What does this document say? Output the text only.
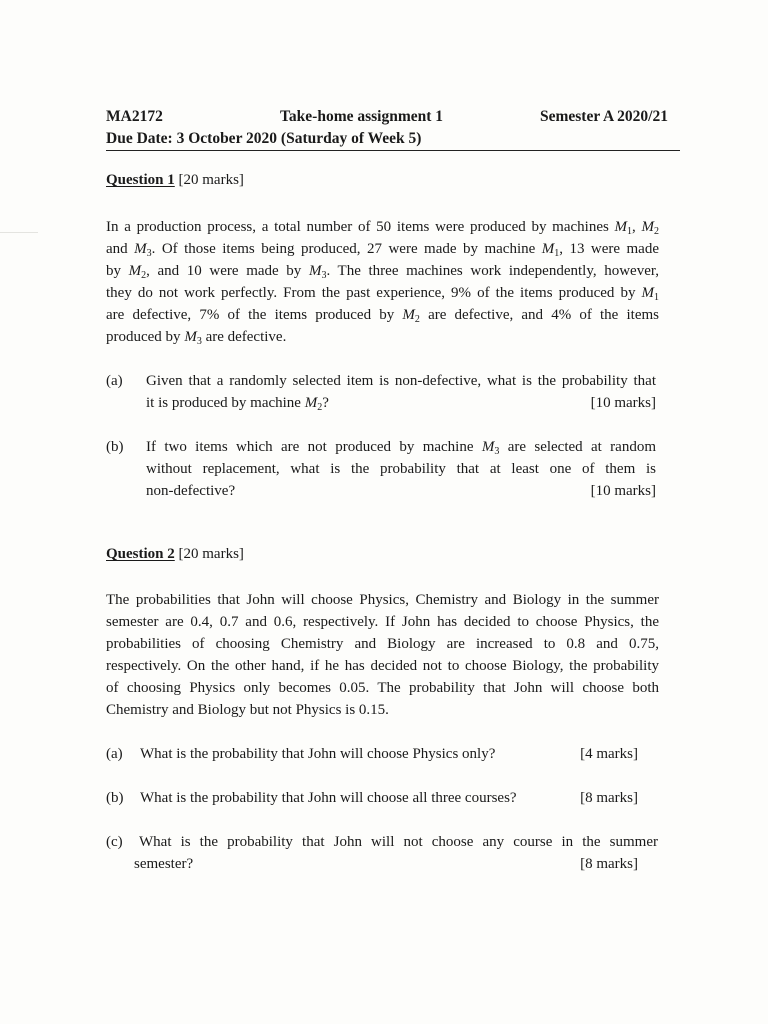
MA2172	Take-home assignment 1	Semester A 2020/21
Due Date: 3 October 2020 (Saturday of Week 5)
Question 1 [20 marks]
In a production process, a total number of 50 items were produced by machines $M_1$, $M_2$
and $M_3$. Of those items being produced, 27 were made by machine $M_1$, 13 were made
by $M_2$, and 10 were made by $M_3$. The three machines work independently, however,
they do not work perfectly. From the past experience, 9% of the items produced by $M_1$
are defective, 7% of the items produced by $M_2$ are defective, and 4% of the items
produced by $M_3$ are defective.
(a) Given that a randomly selected item is non-defective, what is the probability that
it is produced by machine $M_2$?	[10 marks]
(b) If two items which are not produced by machine $M_3$ are selected at random
without replacement, what is the probability that at least one of them is
non-defective?	[10 marks]
Question 2 [20 marks]
The probabilities that John will choose Physics, Chemistry and Biology in the summer
semester are 0.4, 0.7 and 0.6, respectively. If John has decided to choose Physics, the
probabilities of choosing Chemistry and Biology are increased to 0.8 and 0.75,
respectively. On the other hand, if he has decided not to choose Biology, the probability
of choosing Physics only becomes 0.05. The probability that John will choose both
Chemistry and Biology but not Physics is 0.15.
(a) What is the probability that John will choose Physics only?	[4 marks]
(b) What is the probability that John will choose all three courses?	[8 marks]
(c) What is the probability that John will not choose any course in the summer
semester?	[8 marks]
